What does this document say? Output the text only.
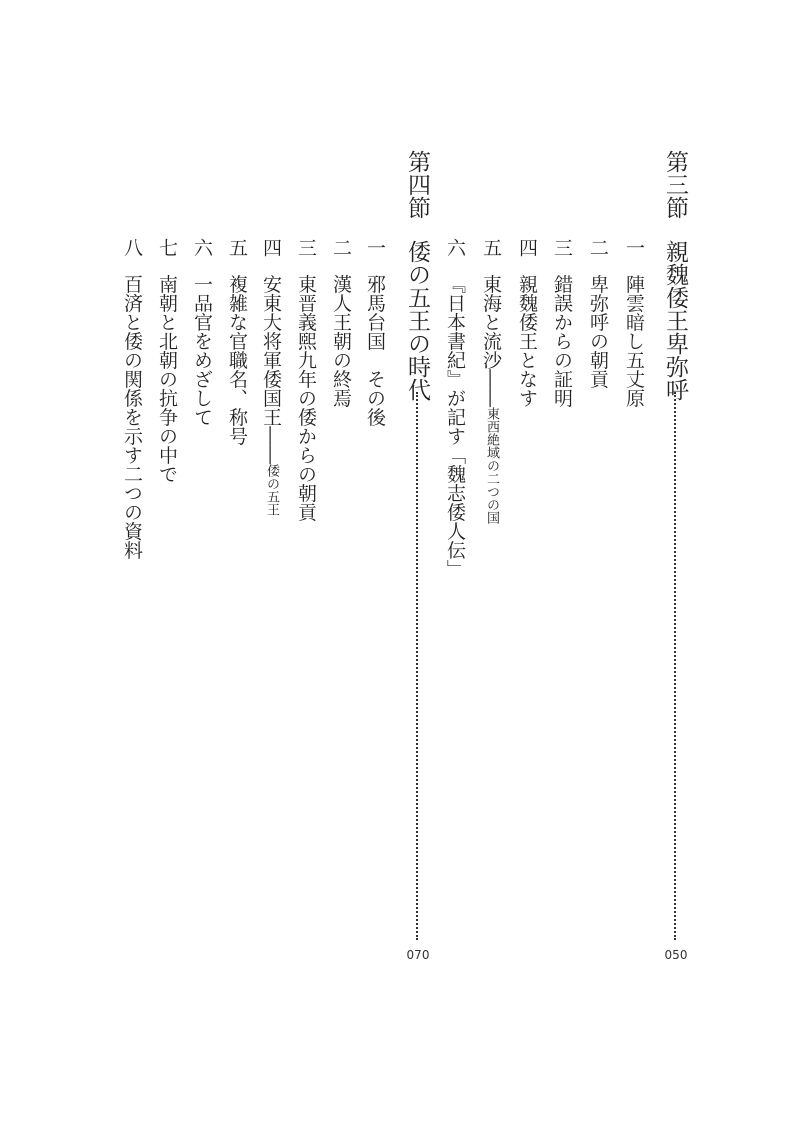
第三節親魏倭王卑弥呼
050
一陣雲暗し五丈原
二卑弥呼の朝貢
三錯誤からの証明
四親魏倭王となす
五東海と流沙――東西絶域の二つの国
六『日本書紀』が記す「魏志倭人伝」
第四節倭の五王の時代
070
一邪馬台国　その後
二漢人王朝の終焉
三東晋義煕九年の倭からの朝貢
四安東大将軍倭国王――倭の五王
五複雑な官職名、称号
六一品官をめざして
七南朝と北朝の抗争の中で
八百済と倭の関係を示す二つの資料
